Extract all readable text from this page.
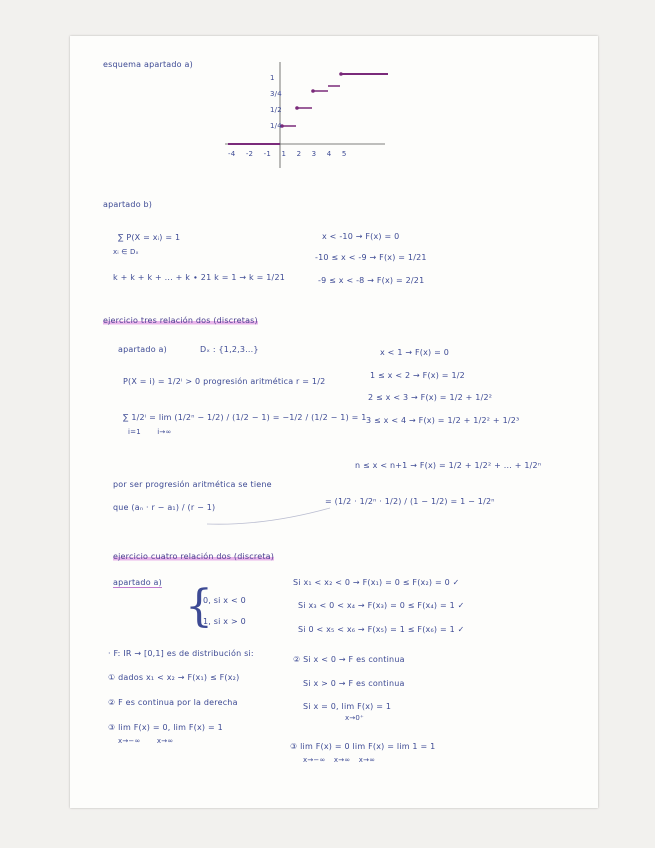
esquema apartado a)
-4 -2 -1 1 2 3 4 5
1
3/4
1/2
1/4
apartado b)
∑ P(X = xᵢ) = 1
xᵢ ∈ Dₓ
k + k + k + ... + k ∙ 21 k = 1 → k = 1/21
x < -10 → F(x) = 0
-10 ≤ x < -9 → F(x) = 1/21
-9 ≤ x < -8 → F(x) = 2/21
ejercicio tres relación dos (discretas)
apartado a)	Dₓ : {1,2,3...}
P(X = i) = 1/2ⁱ > 0 progresión aritmética r = 1/2
∑ 1/2ⁱ = lim (1/2ⁿ − 1/2) / (1/2 − 1) = −1/2 / (1/2 − 1) = 1
i=1 i→∞
x < 1 → F(x) = 0
1 ≤ x < 2 → F(x) = 1/2
2 ≤ x < 3 → F(x) = 1/2 + 1/2²
3 ≤ x < 4 → F(x) = 1/2 + 1/2² + 1/2³
n ≤ x < n+1 → F(x) = 1/2 + 1/2² + ... + 1/2ⁿ
por ser progresión aritmética se tiene
que (aₙ · r − a₁) / (r − 1)
= (1/2 · 1/2ⁿ · 1/2) / (1 − 1/2) = 1 − 1/2ⁿ
ejercicio cuatro relación dos (discreta)
apartado a) {
0, si x < 0
1, si x > 0
Si x₁ < x₂ < 0 → F(x₁) = 0 ≤ F(x₂) = 0 ✓
Si x₃ < 0 < x₄ → F(x₃) = 0 ≤ F(x₄) = 1 ✓
Si 0 < x₅ < x₆ → F(x₅) = 1 ≤ F(x₆) = 1 ✓
· F: IR → [0,1] es de distribución si:
① dados x₁ < x₂ → F(x₁) ≤ F(x₂)
② F es continua por la derecha
③ lim F(x) = 0, lim F(x) = 1
x→−∞ x→∞
② Si x < 0 → F es continua
Si x > 0 → F es continua
Si x = 0, lim F(x) = 1
x→0⁺
③ lim F(x) = 0 lim F(x) = lim 1 = 1
x→−∞ x→∞ x→∞
